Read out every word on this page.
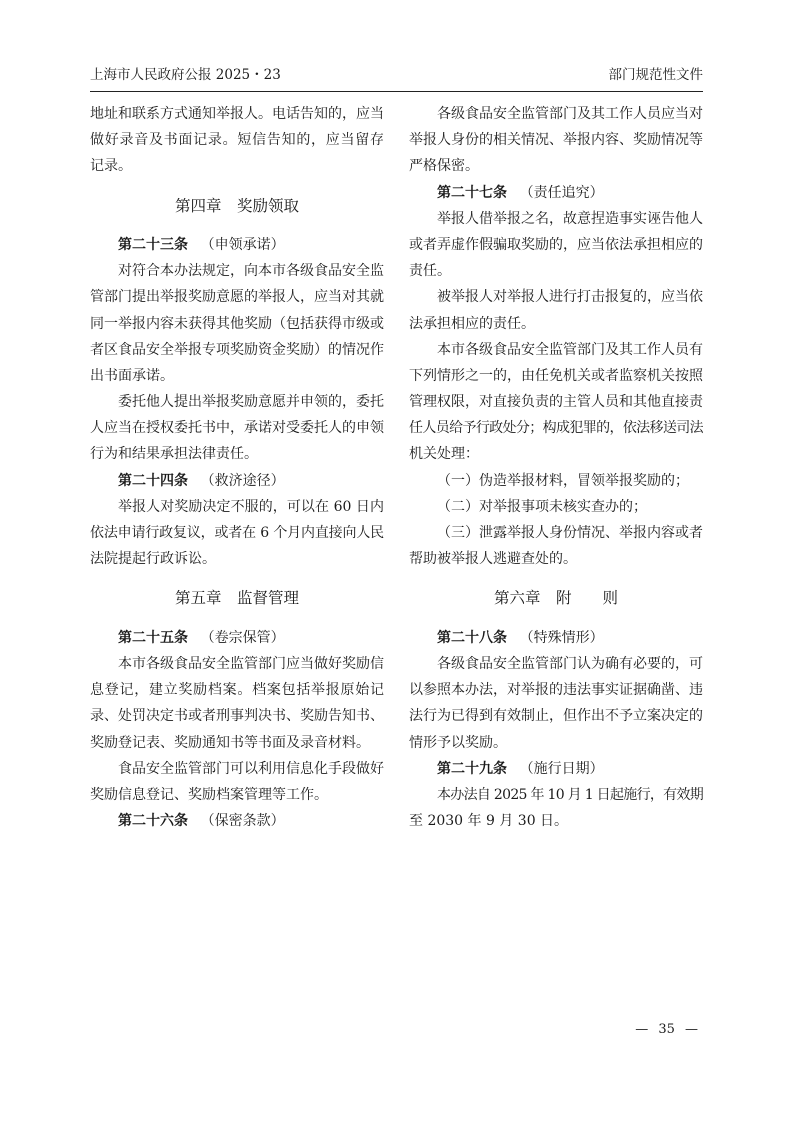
上海市人民政府公报 2025・23	部门规范性文件
地址和联系方式通知举报人。电话告知的，应当
做好录音及书面记录。短信告知的，应当留存
记录。
第四章　奖励领取
第二十三条 （申领承诺）
对符合本办法规定，向本市各级食品安全监
管部门提出举报奖励意愿的举报人，应当对其就
同一举报内容未获得其他奖励（包括获得市级或
者区食品安全举报专项奖励资金奖励）的情况作
出书面承诺。
委托他人提出举报奖励意愿并申领的，委托
人应当在授权委托书中，承诺对受委托人的申领
行为和结果承担法律责任。
第二十四条 （救济途径）
举报人对奖励决定不服的，可以在 60 日内
依法申请行政复议，或者在 6 个月内直接向人民
法院提起行政诉讼。
第五章　监督管理
第二十五条 （卷宗保管）
本市各级食品安全监管部门应当做好奖励信
息登记，建立奖励档案。档案包括举报原始记
录、处罚决定书或者刑事判决书、奖励告知书、
奖励登记表、奖励通知书等书面及录音材料。
食品安全监管部门可以利用信息化手段做好
奖励信息登记、奖励档案管理等工作。
第二十六条 （保密条款）
各级食品安全监管部门及其工作人员应当对
举报人身份的相关情况、举报内容、奖励情况等
严格保密。
第二十七条 （责任追究）
举报人借举报之名，故意捏造事实诬告他人
或者弄虚作假骗取奖励的，应当依法承担相应的
责任。
被举报人对举报人进行打击报复的，应当依
法承担相应的责任。
本市各级食品安全监管部门及其工作人员有
下列情形之一的，由任免机关或者监察机关按照
管理权限，对直接负责的主管人员和其他直接责
任人员给予行政处分；构成犯罪的，依法移送司法
机关处理：
（一）伪造举报材料，冒领举报奖励的；
（二）对举报事项未核实查办的；
（三）泄露举报人身份情况、举报内容或者
帮助被举报人逃避查处的。
第六章　附　　则
第二十八条 （特殊情形）
各级食品安全监管部门认为确有必要的，可
以参照本办法，对举报的违法事实证据确凿、违
法行为已得到有效制止，但作出不予立案决定的
情形予以奖励。
第二十九条 （施行日期）
本办法自 2025 年 10 月 1 日起施行，有效期
至 2030 年 9 月 30 日。
— 35 —
